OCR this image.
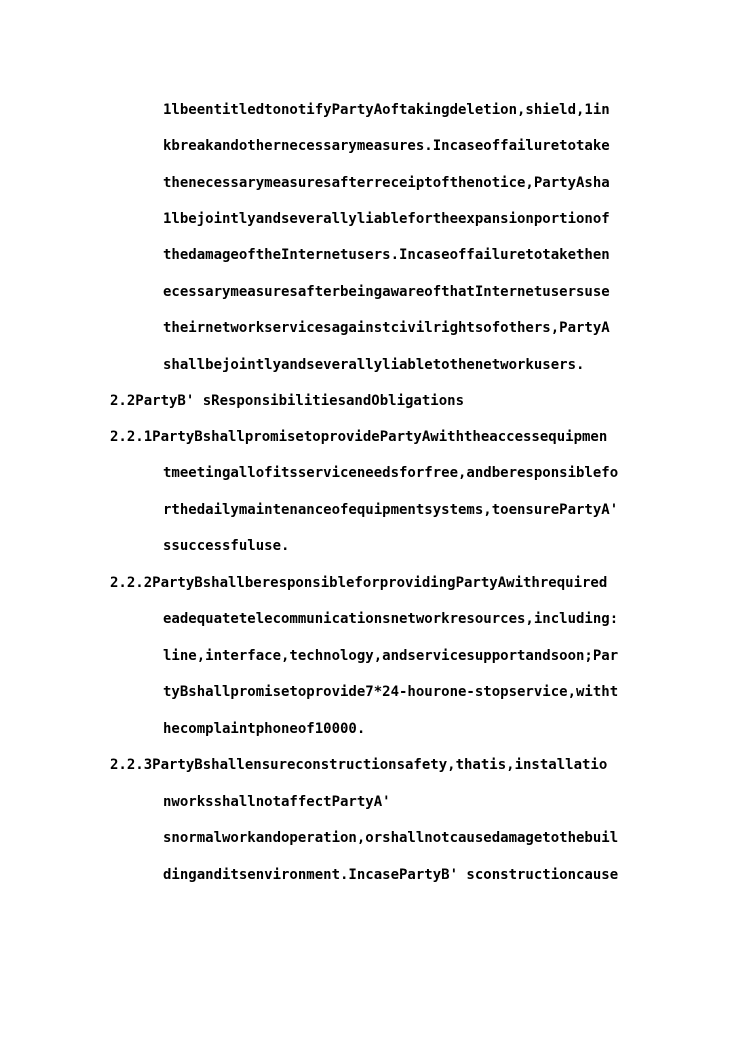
1lbeentitledtonotifyPartyAoftakingdeletion,shield,1in
kbreakandothernecessarymeasures.Incaseoffailuretotake
thenecessarymeasuresafterreceiptofthenotice,PartyAsha
1lbejointlyandseverallyliablefortheexpansionportionof
thedamageoftheInternetusers.Incaseoffailuretotakethen
ecessarymeasuresafterbeingawareofthatInternetusersuse
theirnetworkservicesagainstcivilrightsofothers,PartyA
shallbejointlyandseverallyliabletothenetworkusers.
2.2PartyB' sResponsibilitiesandObligations
2.2.1PartyBshallpromisetoprovidePartyAwiththeaccessequipmen
tmeetingallofitsserviceneedsforfree,andberesponsiblefo
rthedailymaintenanceofequipmentsystems,toensurePartyA'
ssuccessfuluse.
2.2.2PartyBshallberesponsibleforprovidingPartyAwithrequired
eadequatetelecommunicationsnetworkresources,including:
line,interface,technology,andservicesupportandsoon;Par
tyBshallpromisetoprovide7*24-hourone-stopservice,witht
hecomplaintphoneof10000.
2.2.3PartyBshallensureconstructionsafety,thatis,installatio
nworksshallnotaffectPartyA'
snormalworkandoperation,orshallnotcausedamagetothebuil
dinganditsenvironment.IncasePartyB' sconstructioncause
